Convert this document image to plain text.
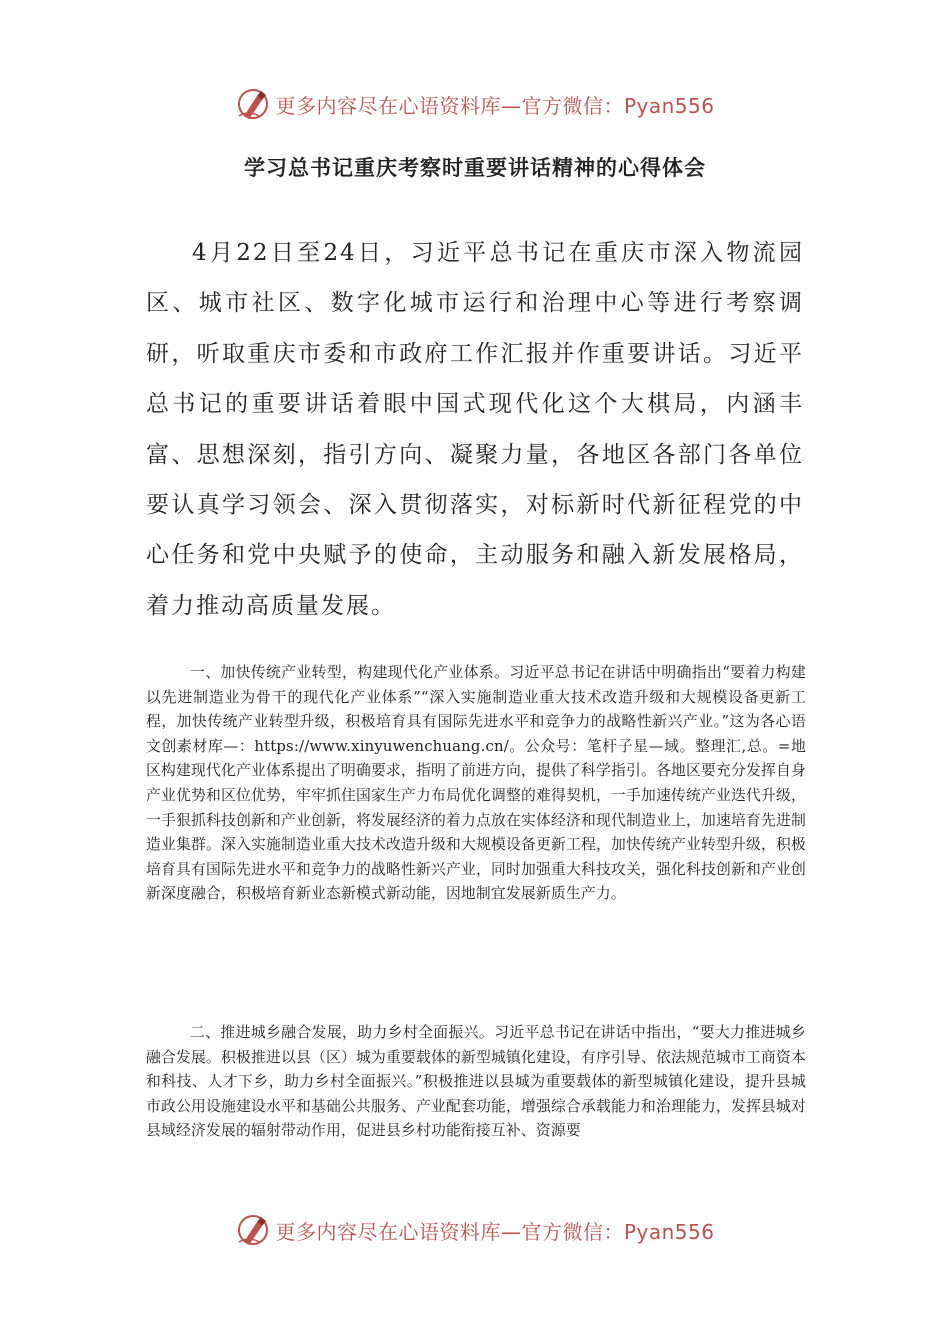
更多内容尽在心语资料库—官方微信：Pyan556
学习总书记重庆考察时重要讲话精神的心得体会

4月22日至24日，习近平总书记在重庆市深入物流园区、城市社区、数字化城市运行和治理中心等进行考察调研，听取重庆市委和市政府工作汇报并作重要讲话。习近平总书记的重要讲话着眼中国式现代化这个大棋局，内涵丰富、思想深刻，指引方向、凝聚力量，各地区各部门各单位要认真学习领会、深入贯彻落实，对标新时代新征程党的中心任务和党中央赋予的使命，主动服务和融入新发展格局，着力推动高质量发展。

一、加快传统产业转型，构建现代化产业体系。习近平总书记在讲话中明确指出“要着力构建以先进制造业为骨干的现代化产业体系”“深入实施制造业重大技术改造升级和大规模设备更新工程，加快传统产业转型升级，积极培育具有国际先进水平和竞争力的战略性新兴产业。”这为各心语文创素材库—：https://www.xinyuwenchuang.cn/。公众号：笔杆子星—域。整理汇,总。=地区构建现代化产业体系提出了明确要求，指明了前进方向，提供了科学指引。各地区要充分发挥自身产业优势和区位优势，牢牢抓住国家生产力布局优化调整的难得契机，一手加速传统产业迭代升级，一手狠抓科技创新和产业创新，将发展经济的着力点放在实体经济和现代制造业上，加速培育先进制造业集群。深入实施制造业重大技术改造升级和大规模设备更新工程，加快传统产业转型升级，积极培育具有国际先进水平和竞争力的战略性新兴产业，同时加强重大科技攻关，强化科技创新和产业创新深度融合，积极培育新业态新模式新动能，因地制宜发展新质生产力。

二、推进城乡融合发展，助力乡村全面振兴。习近平总书记在讲话中指出，“要大力推进城乡融合发展。积极推进以县（区）城为重要载体的新型城镇化建设，有序引导、依法规范城市工商资本和科技、人才下乡，助力乡村全面振兴。”积极推进以县城为重要载体的新型城镇化建设，提升县城市政公用设施建设水平和基础公共服务、产业配套功能，增强综合承载能力和治理能力，发挥县城对县域经济发展的辐射带动作用，促进县乡村功能衔接互补、资源要

更多内容尽在心语资料库—官方微信：Pyan556
